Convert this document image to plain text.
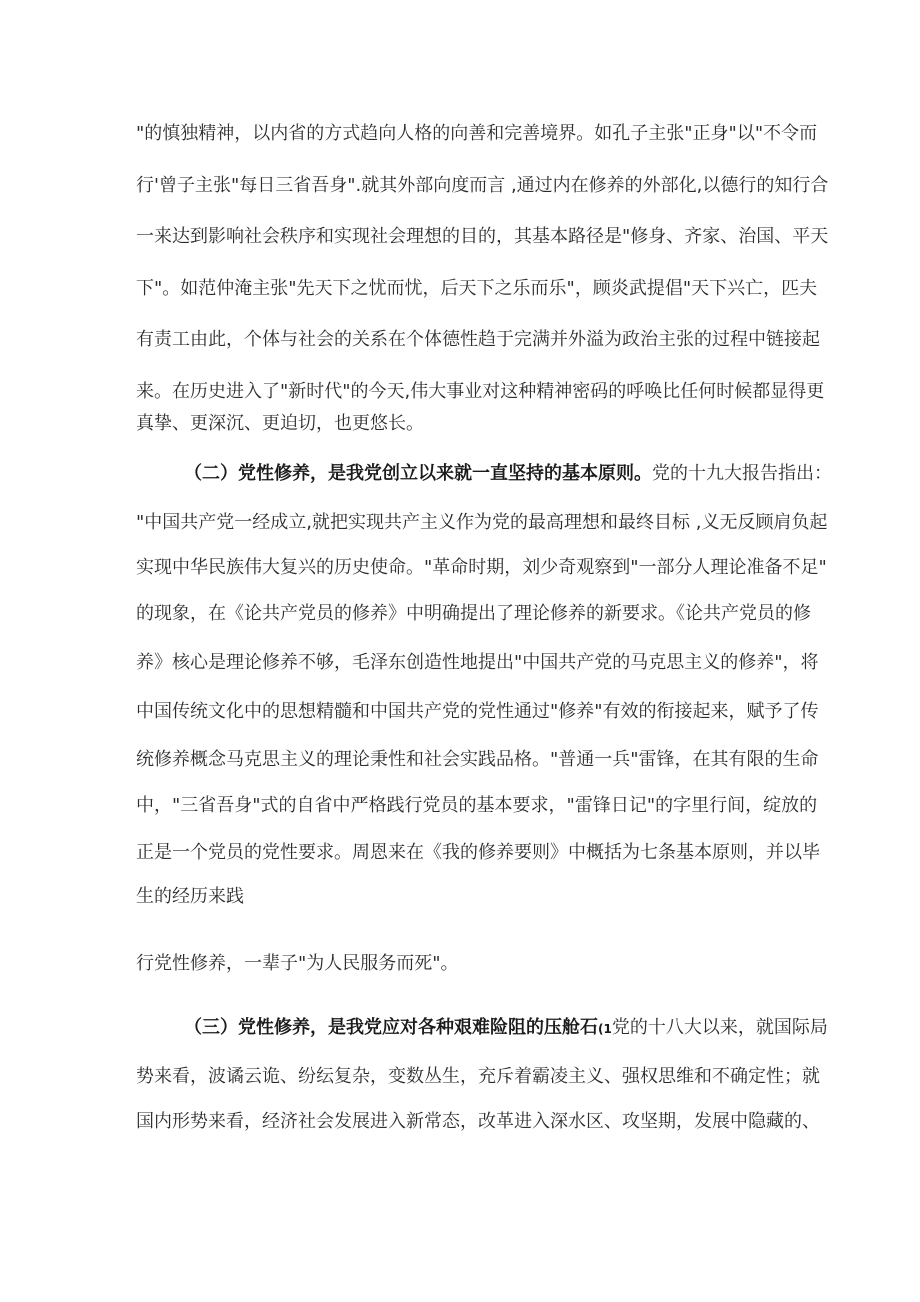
"的慎独精神，以内省的方式趋向人格的向善和完善境界。如孔子主张"正身"以"不令而
行'曾子主张"每日三省吾身".就其外部向度而言 ,通过内在修养的外部化,以德行的知行合
一来达到影响社会秩序和实现社会理想的目的，其基本路径是"修身、齐家、治国、平天
下"。如范仲淹主张"先天下之忧而忧，后天下之乐而乐"，顾炎武提倡"天下兴亡，匹夫
有责工由此，个体与社会的关系在个体德性趋于完满并外溢为政治主张的过程中链接起
来。在历史进入了"新时代"的今天,伟大事业对这种精神密码的呼唤比任何时候都显得更
真挚、更深沉、更迫切，也更悠长。
（二）党性修养，是我党创立以来就一直坚持的基本原则。党的十九大报告指出：
"中国共产党一经成立,就把实现共产主义作为党的最高理想和最终目标 ,义无反顾肩负起
实现中华民族伟大复兴的历史使命。"革命时期，刘少奇观察到"一部分人理论准备不足"
的现象，在《论共产党员的修养》中明确提出了理论修养的新要求。《论共产党员的修
养》核心是理论修养不够，毛泽东创造性地提出"中国共产党的马克思主义的修养"，将
中国传统文化中的思想精髓和中国共产党的党性通过"修养"有效的衔接起来，赋予了传
统修养概念马克思主义的理论秉性和社会实践品格。"普通一兵"雷锋，在其有限的生命
中，"三省吾身"式的自省中严格践行党员的基本要求，"雷锋日记"的字里行间，绽放的
正是一个党员的党性要求。周恩来在《我的修养要则》中概括为七条基本原则，并以毕
生的经历来践
行党性修养，一辈子"为人民服务而死"。
（三）党性修养，是我党应对各种艰难险阻的压舱石(1党的十八大以来，就国际局
势来看，波谲云诡、纷纭复杂，变数丛生，充斥着霸凌主义、强权思维和不确定性；就
国内形势来看，经济社会发展进入新常态，改革进入深水区、攻坚期，发展中隐藏的、
